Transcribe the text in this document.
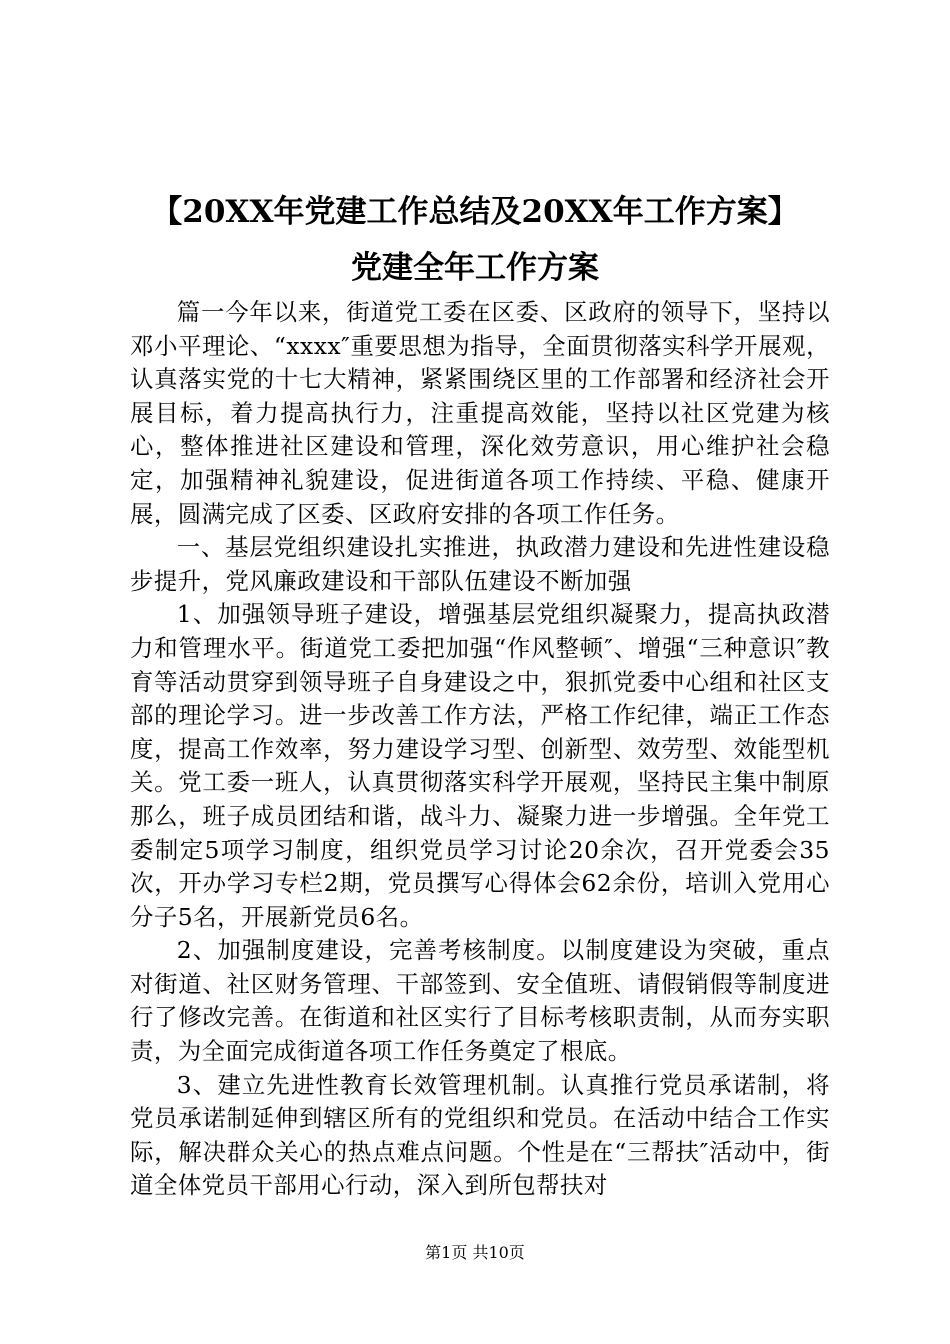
【20XX年党建工作总结及20XX年工作方案】
党建全年工作方案

篇一今年以来，街道党工委在区委、区政府的领导下，坚持以邓小平理论、“xxxx″重要思想为指导，全面贯彻落实科学开展观，认真落实党的十七大精神，紧紧围绕区里的工作部署和经济社会开展目标，着力提高执行力，注重提高效能，坚持以社区党建为核心，整体推进社区建设和管理，深化效劳意识，用心维护社会稳定，加强精神礼貌建设，促进街道各项工作持续、平稳、健康开展，圆满完成了区委、区政府安排的各项工作任务。

一、基层党组织建设扎实推进，执政潜力建设和先进性建设稳步提升，党风廉政建设和干部队伍建设不断加强

1、加强领导班子建设，增强基层党组织凝聚力，提高执政潜力和管理水平。街道党工委把加强“作风整顿″、增强“三种意识″教育等活动贯穿到领导班子自身建设之中，狠抓党委中心组和社区支部的理论学习。进一步改善工作方法，严格工作纪律，端正工作态度，提高工作效率，努力建设学习型、创新型、效劳型、效能型机关。党工委一班人，认真贯彻落实科学开展观，坚持民主集中制原那么，班子成员团结和谐，战斗力、凝聚力进一步增强。全年党工委制定5项学习制度，组织党员学习讨论20余次，召开党委会35次，开办学习专栏2期，党员撰写心得体会62余份，培训入党用心分子5名，开展新党员6名。

2、加强制度建设，完善考核制度。以制度建设为突破，重点对街道、社区财务管理、干部签到、安全值班、请假销假等制度进行了修改完善。在街道和社区实行了目标考核职责制，从而夯实职责，为全面完成街道各项工作任务奠定了根底。

3、建立先进性教育长效管理机制。认真推行党员承诺制，将党员承诺制延伸到辖区所有的党组织和党员。在活动中结合工作实际，解决群众关心的热点难点问题。个性是在“三帮扶″活动中，街道全体党员干部用心行动，深入到所包帮扶对

第1页 共10页
